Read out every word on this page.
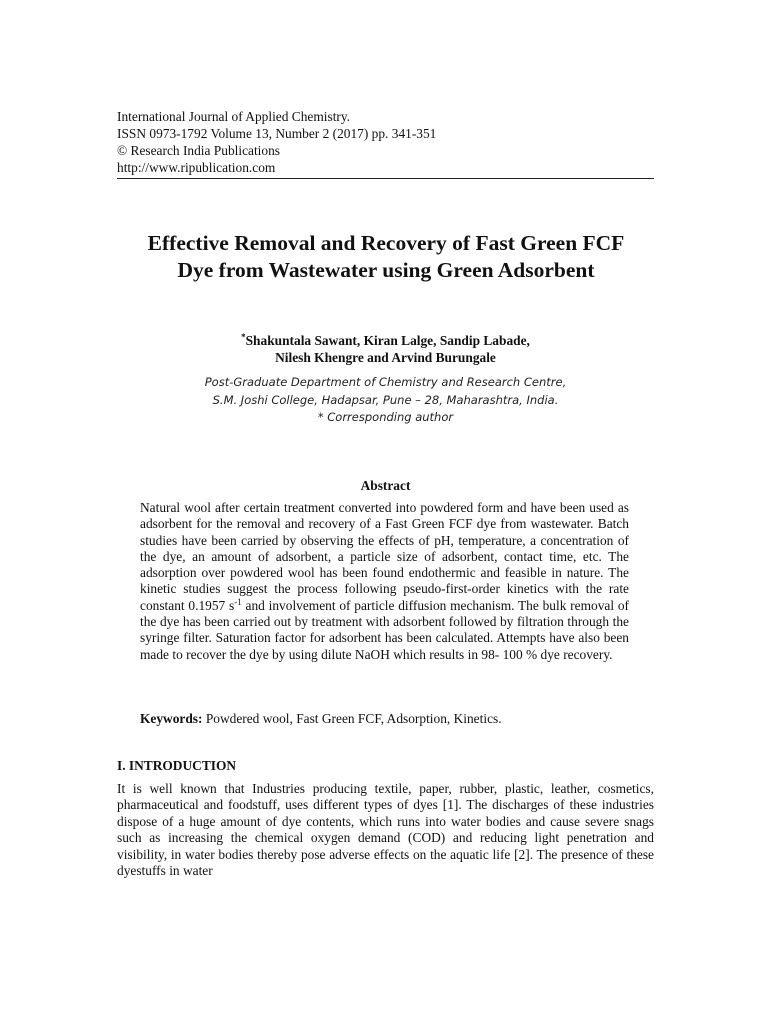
International Journal of Applied Chemistry.
ISSN 0973-1792 Volume 13, Number 2 (2017) pp. 341-351
© Research India Publications
http://www.ripublication.com
Effective Removal and Recovery of Fast Green FCF
Dye from Wastewater using Green Adsorbent
*Shakuntala Sawant, Kiran Lalge, Sandip Labade,
Nilesh Khengre and Arvind Burungale
Post-Graduate Department of Chemistry and Research Centre,
S.M. Joshi College, Hadapsar, Pune – 28, Maharashtra, India.
* Corresponding author
Abstract
Natural wool after certain treatment converted into powdered form and have been used as adsorbent for the removal and recovery of a Fast Green FCF dye from wastewater. Batch studies have been carried by observing the effects of pH, temperature, a concentration of the dye, an amount of adsorbent, a particle size of adsorbent, contact time, etc. The adsorption over powdered wool has been found endothermic and feasible in nature. The kinetic studies suggest the process following pseudo-first-order kinetics with the rate constant 0.1957 $s^{-1}$ and involvement of particle diffusion mechanism. The bulk removal of the dye has been carried out by treatment with adsorbent followed by filtration through the syringe filter. Saturation factor for adsorbent has been calculated. Attempts have also been made to recover the dye by using dilute NaOH which results in 98- 100 % dye recovery.
Keywords: Powdered wool, Fast Green FCF, Adsorption, Kinetics.
I. INTRODUCTION
It is well known that Industries producing textile, paper, rubber, plastic, leather, cosmetics, pharmaceutical and foodstuff, uses different types of dyes [1]. The discharges of these industries dispose of a huge amount of dye contents, which runs into water bodies and cause severe snags such as increasing the chemical oxygen demand (COD) and reducing light penetration and visibility, in water bodies thereby pose adverse effects on the aquatic life [2]. The presence of these dyestuffs in water
